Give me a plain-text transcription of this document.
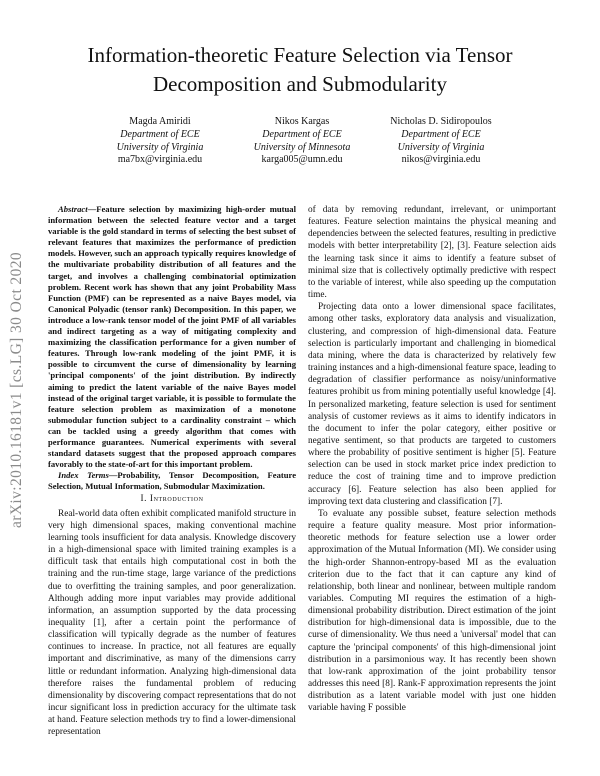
arXiv:2010.16181v1 [cs.LG] 30 Oct 2020
Information-theoretic Feature Selection via Tensor
Decomposition and Submodularity
Magda Amiridi
Department of ECE
University of Virginia
ma7bx@virginia.edu
Nikos Kargas
Department of ECE
University of Minnesota
karga005@umn.edu
Nicholas D. Sidiropoulos
Department of ECE
University of Virginia
nikos@virginia.edu

Abstract—Feature selection by maximizing high-order mutual information between the selected feature vector and a target variable is the gold standard in terms of selecting the best subset of relevant features that maximizes the performance of prediction models. However, such an approach typically requires knowledge of the multivariate probability distribution of all features and the target, and involves a challenging combinatorial optimization problem. Recent work has shown that any joint Probability Mass Function (PMF) can be represented as a naive Bayes model, via Canonical Polyadic (tensor rank) Decomposition. In this paper, we introduce a low-rank tensor model of the joint PMF of all variables and indirect targeting as a way of mitigating complexity and maximizing the classification performance for a given number of features. Through low-rank modeling of the joint PMF, it is possible to circumvent the curse of dimensionality by learning 'principal components' of the joint distribution. By indirectly aiming to predict the latent variable of the naive Bayes model instead of the original target variable, it is possible to formulate the feature selection problem as maximization of a monotone submodular function subject to a cardinality constraint – which can be tackled using a greedy algorithm that comes with performance guarantees. Numerical experiments with several standard datasets suggest that the proposed approach compares favorably to the state-of-art for this important problem.

Index Terms—Probability, Tensor Decomposition, Feature Selection, Mutual Information, Submodular Maximization.

I. Introduction

Real-world data often exhibit complicated manifold structure in very high dimensional spaces, making conventional machine learning tools insufficient for data analysis. Knowledge discovery in a high-dimensional space with limited training examples is a difficult task that entails high computational cost in both the training and the run-time stage, large variance of the predictions due to overfitting the training samples, and poor generalization. Although adding more input variables may provide additional information, an assumption supported by the data processing inequality [1], after a certain point the performance of classification will typically degrade as the number of features continues to increase. In practice, not all features are equally important and discriminative, as many of the dimensions carry little or redundant information. Analyzing high-dimensional data therefore raises the fundamental problem of reducing dimensionality by discovering compact representations that do not incur significant loss in prediction accuracy for the ultimate task at hand. Feature selection methods try to find a lower-dimensional representation

of data by removing redundant, irrelevant, or unimportant features. Feature selection maintains the physical meaning and dependencies between the selected features, resulting in predictive models with better interpretability [2], [3]. Feature selection aids the learning task since it aims to identify a feature subset of minimal size that is collectively optimally predictive with respect to the variable of interest, while also speeding up the computation time.

Projecting data onto a lower dimensional space facilitates, among other tasks, exploratory data analysis and visualization, clustering, and compression of high-dimensional data. Feature selection is particularly important and challenging in biomedical data mining, where the data is characterized by relatively few training instances and a high-dimensional feature space, leading to degradation of classifier performance as noisy/uninformative features prohibit us from mining potentially useful knowledge [4]. In personalized marketing, feature selection is used for sentiment analysis of customer reviews as it aims to identify indicators in the document to infer the polar category, either positive or negative sentiment, so that products are targeted to customers where the probability of positive sentiment is higher [5]. Feature selection can be used in stock market price index prediction to reduce the cost of training time and to improve prediction accuracy [6]. Feature selection has also been applied for improving text data clustering and classification [7].

To evaluate any possible subset, feature selection methods require a feature quality measure. Most prior information-theoretic methods for feature selection use a lower order approximation of the Mutual Information (MI). We consider using the high-order Shannon-entropy-based MI as the evaluation criterion due to the fact that it can capture any kind of relationship, both linear and nonlinear, between multiple random variables. Computing MI requires the estimation of a high-dimensional probability distribution. Direct estimation of the joint distribution for high-dimensional data is impossible, due to the curse of dimensionality. We thus need a 'universal' model that can capture the 'principal components' of this high-dimensional joint distribution in a parsimonious way. It has recently been shown that low-rank approximation of the joint probability tensor addresses this need [8]. Rank-F approximation represents the joint distribution as a latent variable model with just one hidden variable having F possible
